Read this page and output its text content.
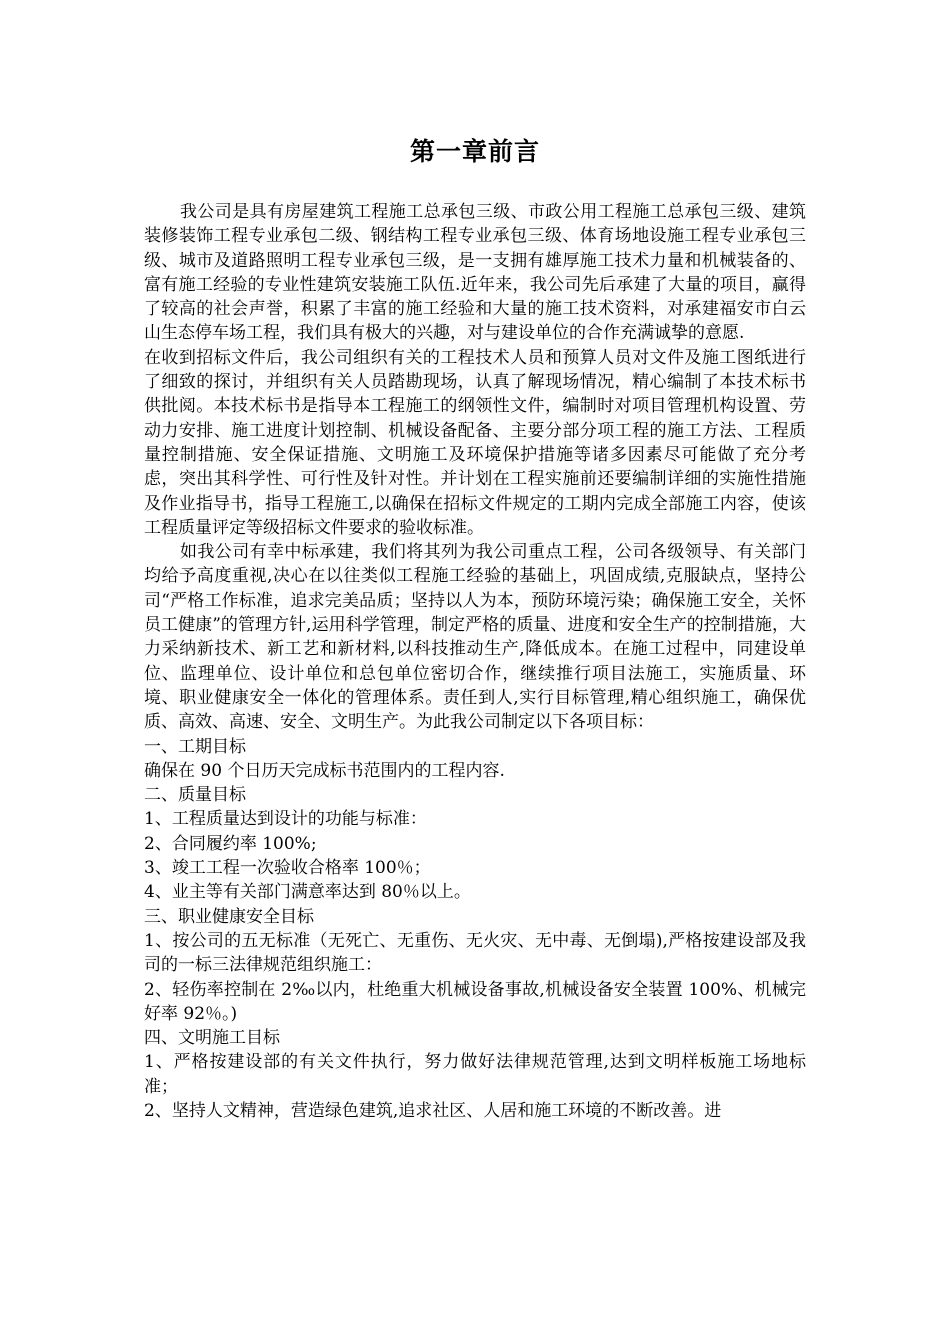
第一章前言

我公司是具有房屋建筑工程施工总承包三级、市政公用工程施工总承包三级、建筑装修装饰工程专业承包二级、钢结构工程专业承包三级、体育场地设施工程专业承包三级、城市及道路照明工程专业承包三级，是一支拥有雄厚施工技术力量和机械装备的、富有施工经验的专业性建筑安装施工队伍.近年来，我公司先后承建了大量的项目，赢得了较高的社会声誉，积累了丰富的施工经验和大量的施工技术资料，对承建福安市白云山生态停车场工程，我们具有极大的兴趣，对与建设单位的合作充满诚挚的意愿.

在收到招标文件后，我公司组织有关的工程技术人员和预算人员对文件及施工图纸进行了细致的探讨，并组织有关人员踏勘现场，认真了解现场情况，精心编制了本技术标书供批阅。本技术标书是指导本工程施工的纲领性文件，编制时对项目管理机构设置、劳动力安排、施工进度计划控制、机械设备配备、主要分部分项工程的施工方法、工程质量控制措施、安全保证措施、文明施工及环境保护措施等诸多因素尽可能做了充分考虑，突出其科学性、可行性及针对性。并计划在工程实施前还要编制详细的实施性措施及作业指导书，指导工程施工,以确保在招标文件规定的工期内完成全部施工内容，使该工程质量评定等级招标文件要求的验收标准。

如我公司有幸中标承建，我们将其列为我公司重点工程，公司各级领导、有关部门均给予高度重视,决心在以往类似工程施工经验的基础上，巩固成绩,克服缺点，坚持公司“严格工作标准，追求完美品质；坚持以人为本，预防环境污染；确保施工安全，关怀员工健康”的管理方针,运用科学管理，制定严格的质量、进度和安全生产的控制措施，大力采纳新技术、新工艺和新材料,以科技推动生产,降低成本。在施工过程中，同建设单位、监理单位、设计单位和总包单位密切合作，继续推行项目法施工，实施质量、环境、职业健康安全一体化的管理体系。责任到人,实行目标管理,精心组织施工，确保优质、高效、高速、安全、文明生产。为此我公司制定以下各项目标：

一、工期目标

确保在 90 个日历天完成标书范围内的工程内容.

二、质量目标

1、工程质量达到设计的功能与标准：

2、合同履约率 100%;

3、竣工工程一次验收合格率 100％；

4、业主等有关部门满意率达到 80％以上。

三、职业健康安全目标

1、按公司的五无标准（无死亡、无重伤、无火灾、无中毒、无倒塌),严格按建设部及我司的一标三法律规范组织施工：

2、轻伤率控制在 2‰以内，杜绝重大机械设备事故,机械设备安全装置 100%、机械完好率 92％。)

四、文明施工目标

1、严格按建设部的有关文件执行，努力做好法律规范管理,达到文明样板施工场地标准；

2、坚持人文精神，营造绿色建筑,追求社区、人居和施工环境的不断改善。进
